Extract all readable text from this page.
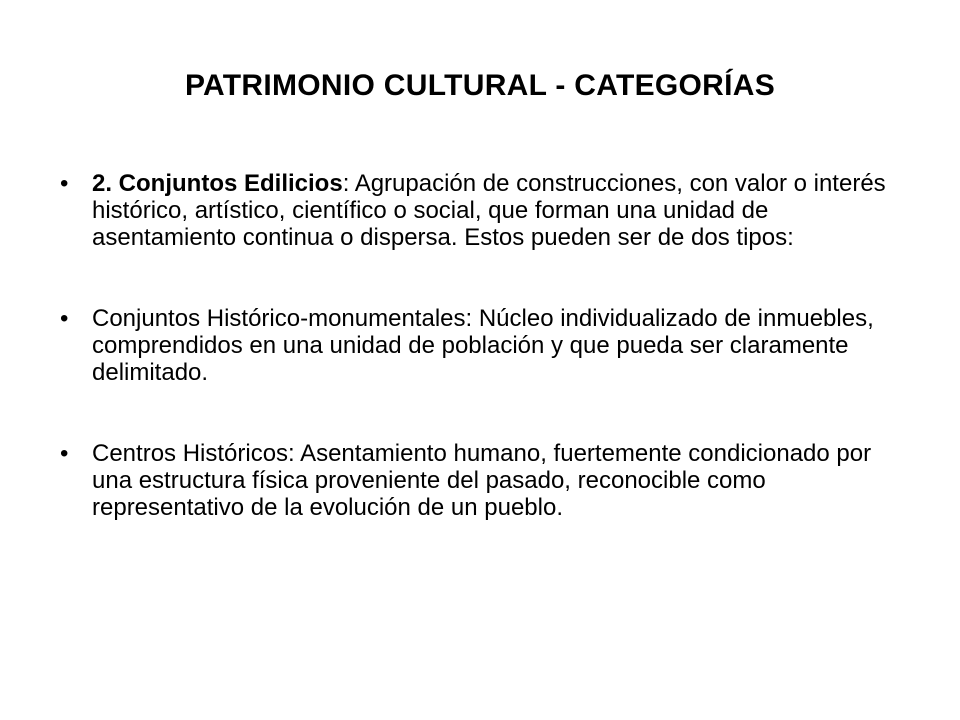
PATRIMONIO CULTURAL - CATEGORÍAS
• 2. Conjuntos Edilicios: Agrupación de construcciones, con valor o interés histórico, artístico, científico o social, que forman una unidad de asentamiento continua o dispersa. Estos pueden ser de dos tipos:
• Conjuntos Histórico-monumentales: Núcleo individualizado de inmuebles, comprendidos en una unidad de población y que pueda ser claramente delimitado.
• Centros Históricos: Asentamiento humano, fuertemente condicionado por una estructura física proveniente del pasado, reconocible como representativo de la evolución de un pueblo.
